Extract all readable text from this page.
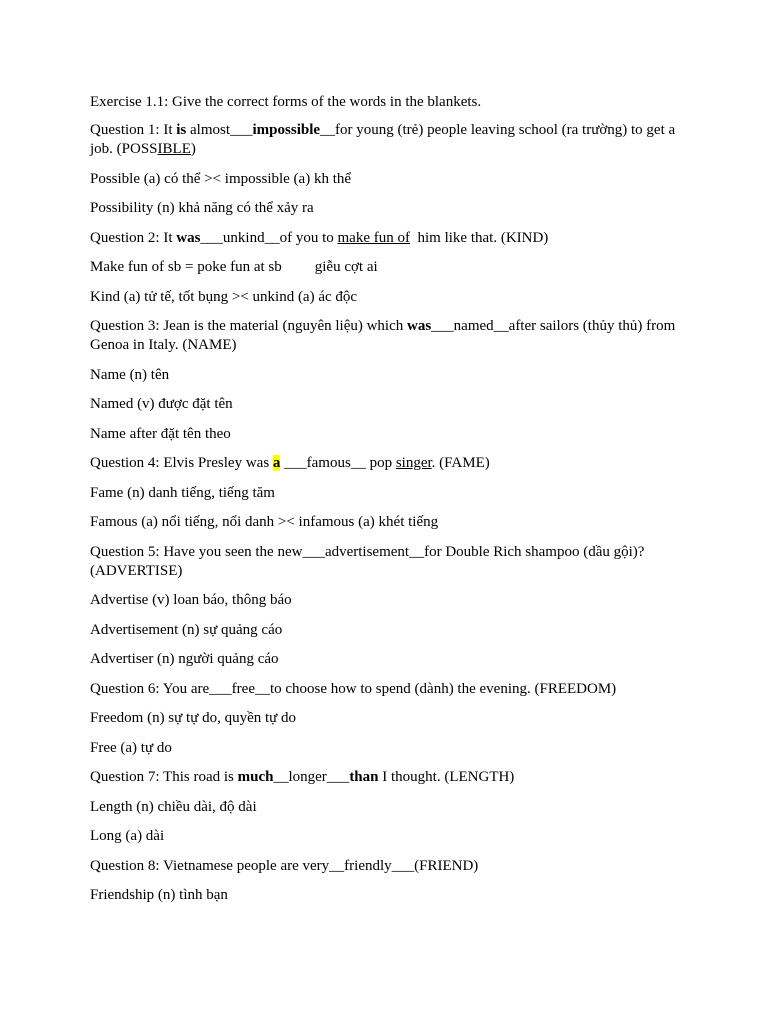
Exercise 1.1: Give the correct forms of the words in the blankets.

Question 1: It is almost___impossible__for young (trẻ) people leaving school (ra trường) to get a job. (POSSIBLE)

Possible (a) có thể >< impossible (a) kh thể

Possibility (n) khả năng có thể xảy ra

Question 2: It was___unkind__of you to make fun of  him like that. (KIND)

Make fun of sb = poke fun at sb giễu cợt ai

Kind (a) tử tế, tốt bụng >< unkind (a) ác độc

Question 3: Jean is the material (nguyên liệu) which was___named__after sailors (thủy thủ) from Genoa in Italy. (NAME)

Name (n) tên

Named (v) được đặt tên

Name after đặt tên theo

Question 4: Elvis Presley was a ___famous__ pop singer. (FAME)

Fame (n) danh tiếng, tiếng tăm

Famous (a) nổi tiếng, nổi danh >< infamous (a) khét tiếng

Question 5: Have you seen the new___advertisement__for Double Rich shampoo (dầu gội)? (ADVERTISE)

Advertise (v) loan báo, thông báo

Advertisement (n) sự quảng cáo

Advertiser (n) người quảng cáo

Question 6: You are___free__to choose how to spend (dành) the evening. (FREEDOM)

Freedom (n) sự tự do, quyền tự do

Free (a) tự do

Question 7: This road is much__longer___than I thought. (LENGTH)

Length (n) chiều dài, độ dài

Long (a) dài

Question 8: Vietnamese people are very__friendly___(FRIEND)

Friendship (n) tình bạn
